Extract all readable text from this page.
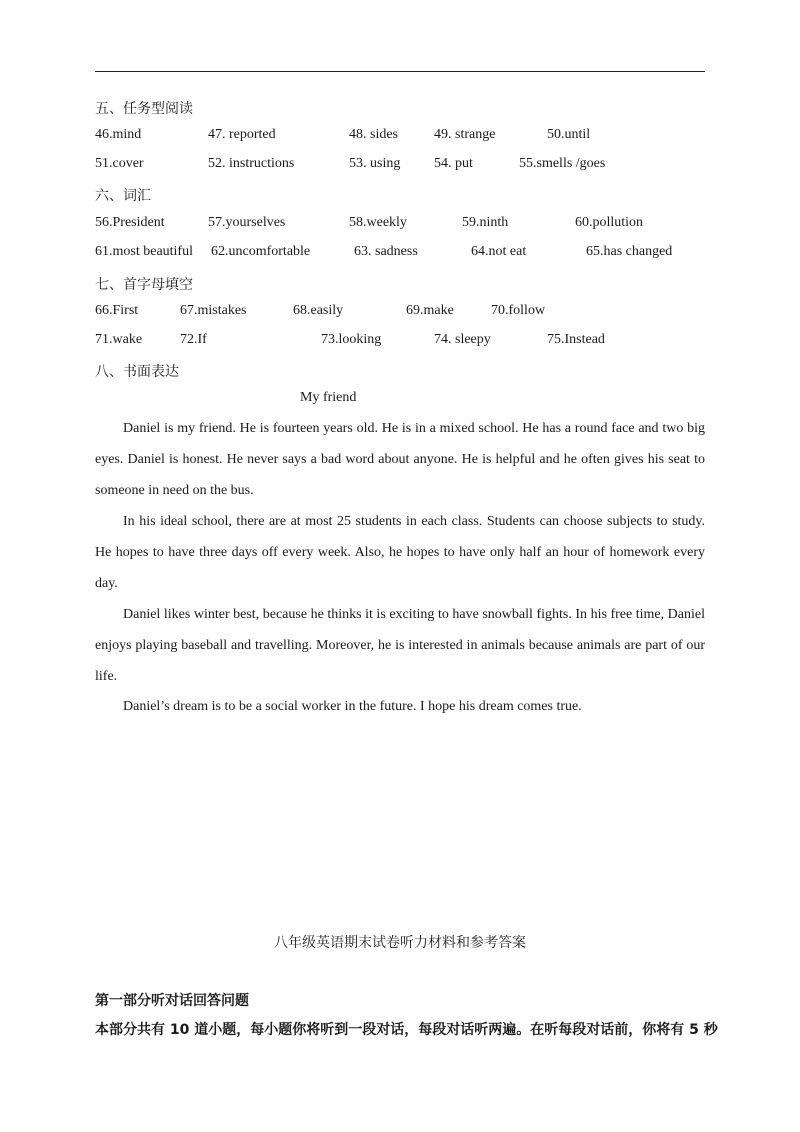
五、任务型阅读
46.mind	47. reported	48. sides	49. strange	50.until
51.cover	52. instructions	53. using 54. put	55.smells /goes
六、词汇
56.President	57.yourselves	58.weekly	59.ninth	60.pollution
61.most beautiful 62.uncomfortable	63. sadness	64.not eat	65.has changed
七、首字母填空
66.First	67.mistakes	68.easily	69.make	70.follow
71.wake	72.If	73.looking	74. sleepy	75.Instead
八、书面表达
My friend
Daniel is my friend. He is fourteen years old. He is in a mixed school. He has a round face and two big eyes. Daniel is honest. He never says a bad word about anyone. He is helpful and he often gives his seat to someone in need on the bus.
In his ideal school, there are at most 25 students in each class. Students can choose subjects to study. He hopes to have three days off every week. Also, he hopes to have only half an hour of homework every day.
Daniel likes winter best, because he thinks it is exciting to have snowball fights. In his free time, Daniel enjoys playing baseball and travelling. Moreover, he is interested in animals because animals are part of our life.
Daniel’s dream is to be a social worker in the future. I hope his dream comes true.
八年级英语期末试卷听力材料和参考答案
第一部分听对话回答问题
本部分共有 10 道小题，每小题你将听到一段对话，每段对话听两遍。在听每段对话前，你将有 5 秒
